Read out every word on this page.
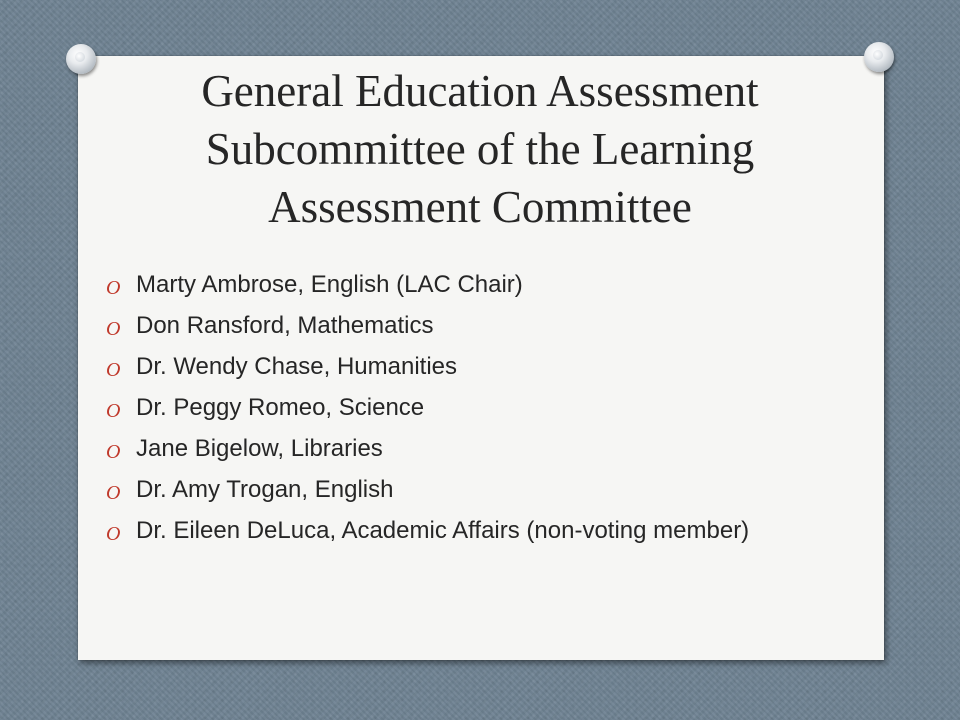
General Education Assessment
Subcommittee of the Learning
Assessment Committee
O Marty Ambrose, English (LAC Chair)
O Don Ransford, Mathematics
O Dr. Wendy Chase, Humanities
O Dr. Peggy Romeo, Science
O Jane Bigelow, Libraries
O Dr. Amy Trogan, English
O Dr. Eileen DeLuca, Academic Affairs (non-voting member)
